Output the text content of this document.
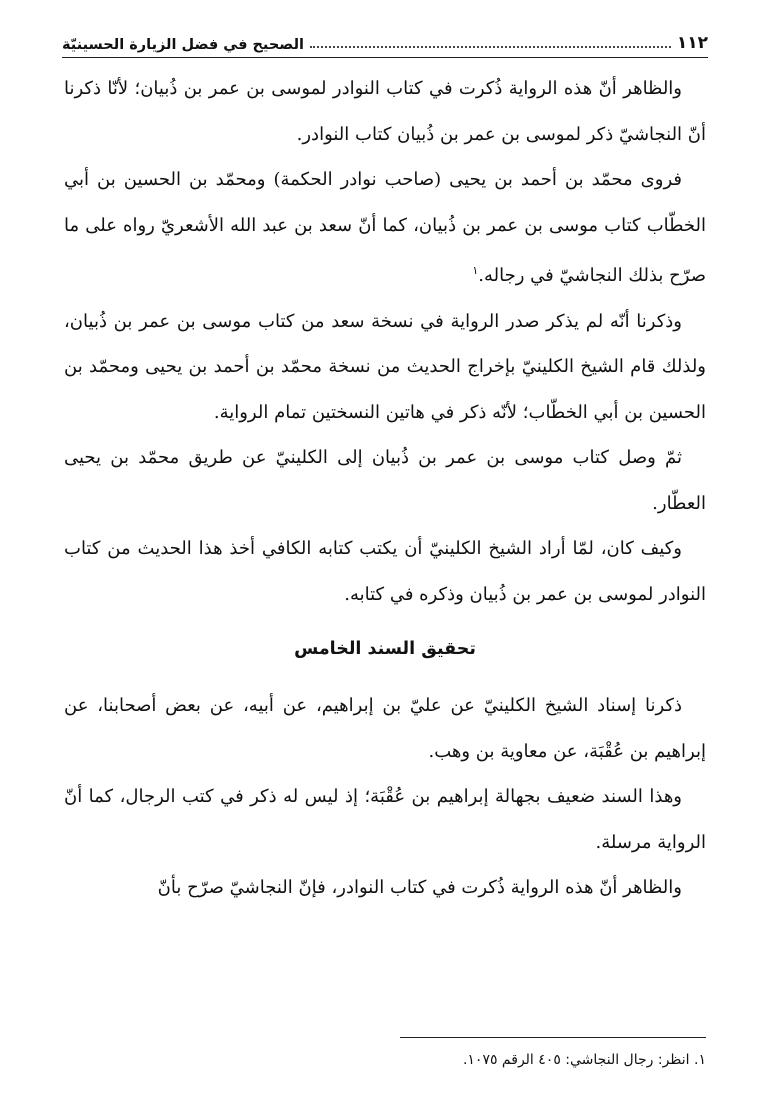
١١٢
الصحيح في فضل الزيارة الحسينيّة

والظاهر أنّ هذه الرواية ذُكرت في كتاب النوادر لموسى بن عمر بن ذُبيان؛ لأنّا ذكرنا أنّ النجاشيّ ذكر لموسى بن عمر بن ذُبيان كتاب النوادر.

فروى محمّد بن أحمد بن يحيى (صاحب نوادر الحكمة) ومحمّد بن الحسين بن أبي الخطّاب كتاب موسى بن عمر بن ذُبيان، كما أنّ سعد بن عبد الله الأشعريّ رواه على ما صرّح بذلك النجاشيّ في رجاله.$^١$

وذكرنا أنّه لم يذكر صدر الرواية في نسخة سعد من كتاب موسى بن عمر بن ذُبيان، ولذلك قام الشيخ الكلينيّ بإخراج الحديث من نسخة محمّد بن أحمد بن يحيى ومحمّد بن الحسين بن أبي الخطّاب؛ لأنّه ذكر في هاتين النسختين تمام الرواية.

ثمّ وصل كتاب موسى بن عمر بن ذُبيان إلى الكلينيّ عن طريق محمّد بن يحيى العطّار.

وكيف كان، لمّا أراد الشيخ الكلينيّ أن يكتب كتابه الكافي أخذ هذا الحديث من كتاب النوادر لموسى بن عمر بن ذُبيان وذكره في كتابه.

تحقيق السند الخامس

ذكرنا إسناد الشيخ الكلينيّ عن عليّ بن إبراهيم، عن أبيه، عن بعض أصحابنا، عن إبراهيم بن عُقْبَة، عن معاوية بن وهب.

وهذا السند ضعيف بجهالة إبراهيم بن عُقْبَة؛ إذ ليس له ذكر في كتب الرجال، كما أنّ الرواية مرسلة.

والظاهر أنّ هذه الرواية ذُكرت في كتاب النوادر، فإنّ النجاشيّ صرّح بأنّ

١. انظر: رجال النجاشي: ٤٠٥ الرقم ١٠٧٥.
